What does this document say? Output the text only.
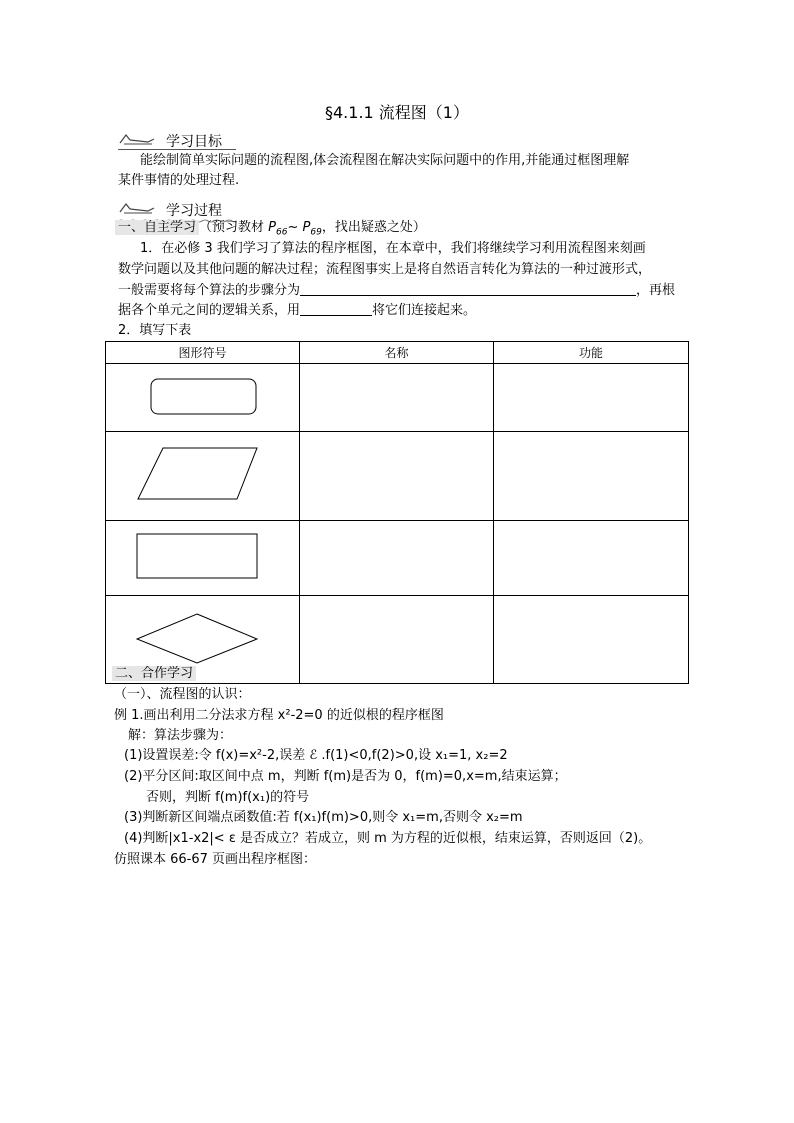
§4.1.1 流程图（1）
学习目标
能绘制简单实际问题的流程图,体会流程图在解决实际问题中的作用,并能通过框图理解
某件事情的处理过程.
学习过程
一、自主学习 （预习教材 $P_{66}\sim$ $P_{69}$，找出疑惑之处）
1．在必修 3 我们学习了算法的程序框图，在本章中，我们将继续学习利用流程图来刻画
数学问题以及其他问题的解决过程；流程图事实上是将自然语言转化为算法的一种过渡形式，
一般需要将每个算法的步骤分为	，再根
据各个单元之间的逻辑关系，用	将它们连接起来。
2．填写下表
图形符号	名称	功能

二、合作学习
（一）、流程图的认识：
例 1.画出利用二分法求方程 x²-2=0 的近似根的程序框图
解：算法步骤为：
(1)设置误差:令 f(x)=x²-2,误差 ℰ .f(1)<0,f(2)>0,设 x₁=1, x₂=2
(2)平分区间:取区间中点 m，判断 f(m)是否为 0，f(m)=0,x=m,结束运算；
否则，判断 f(m)f(x₁)的符号
(3)判断新区间端点函数值:若 f(x₁)f(m)>0,则令 x₁=m,否则令 x₂=m
(4)判断|x1-x2|< ε 是否成立？若成立，则 m 为方程的近似根，结束运算，否则返回（2)。
仿照课本 66-67 页画出程序框图：
